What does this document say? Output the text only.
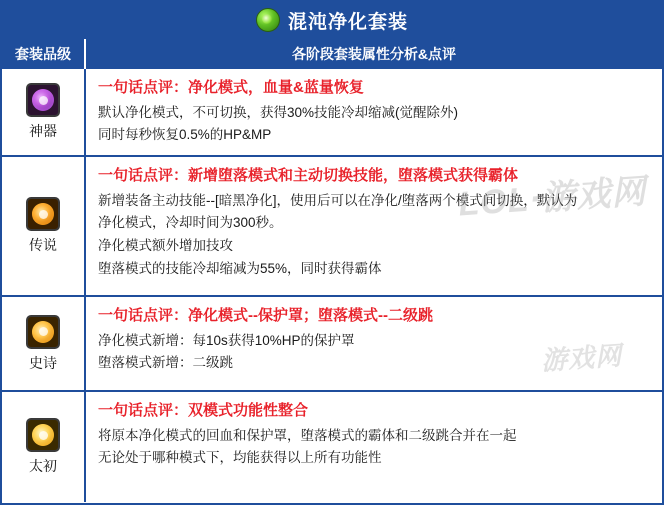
混沌净化套装
套装品级	各阶段套装属性分析&点评
神器
一句话点评：净化模式，血量&蓝量恢复
默认净化模式，不可切换，获得30%技能冷却缩减(觉醒除外)
同时每秒恢复0.5%的HP&MP
传说
一句话点评：新增堕落模式和主动切换技能，堕落模式获得霸体
新增装备主动技能--[暗黑净化]，使用后可以在净化/堕落两个模式间切换，默认为
净化模式，冷却时间为300秒。
净化模式额外增加技攻
堕落模式的技能冷却缩减为55%，同时获得霸体
史诗
一句话点评：净化模式--保护罩；堕落模式--二级跳
净化模式新增：每10s获得10%HP的保护罩
堕落模式新增：二级跳
太初
一句话点评：双模式功能性整合
将原本净化模式的回血和保护罩，堕落模式的霸体和二级跳合并在一起
无论处于哪种模式下，均能获得以上所有功能性
LOL·游戏网
游戏网
